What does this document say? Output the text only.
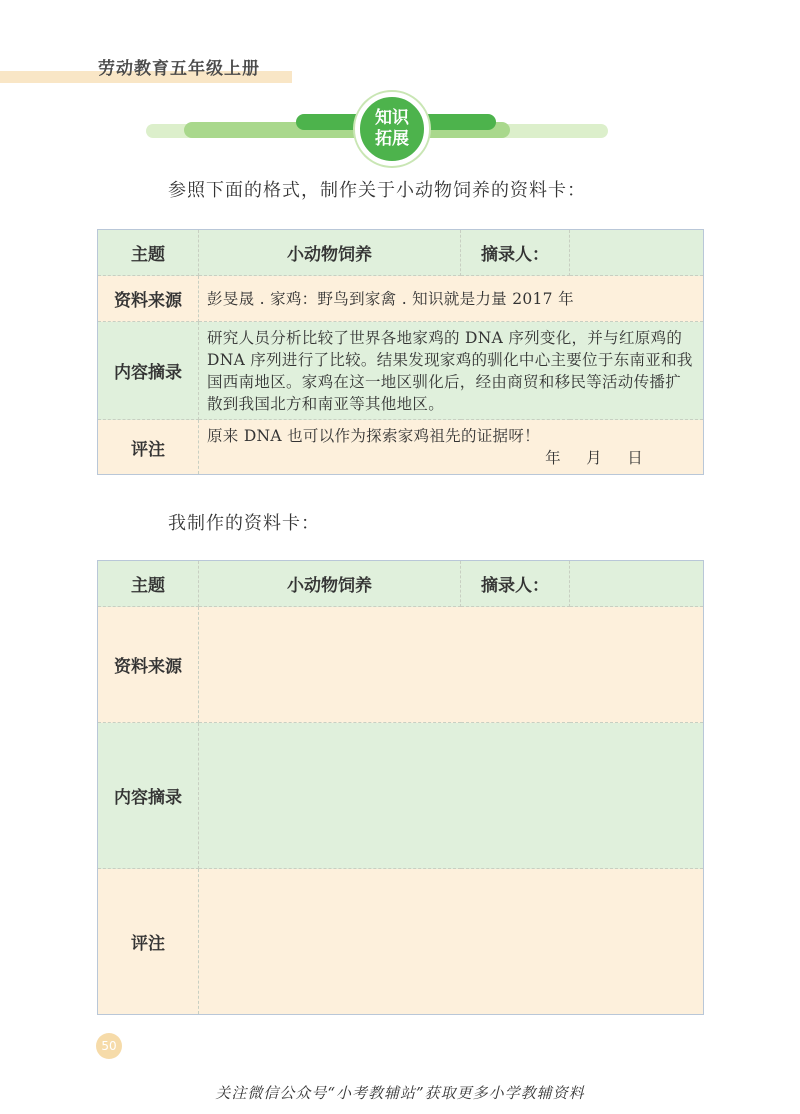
劳动教育五年级上册
知识
拓展
参照下面的格式，制作关于小动物饲养的资料卡：
主题	小动物饲养	摘录人：	
资料来源	彭旻晟 . 家鸡：野鸟到家禽 . 知识就是力量 2017 年		
内容摘录	研究人员分析比较了世界各地家鸡的 DNA 序列变化，并与红原鸡的 DNA 序列进行了比较。结果发现家鸡的驯化中心主要位于东南亚和我国西南地区。家鸡在这一地区驯化后，经由商贸和移民等活动传播扩散到我国北方和南亚等其他地区。		
评注	原来 DNA 也可以作为探索家鸡祖先的证据呀！
年 月 日		
我制作的资料卡：
主题	小动物饲养	摘录人：	
资料来源			
内容摘录			
评注			
50
关注微信公众号“小考教辅站”获取更多小学教辅资料
